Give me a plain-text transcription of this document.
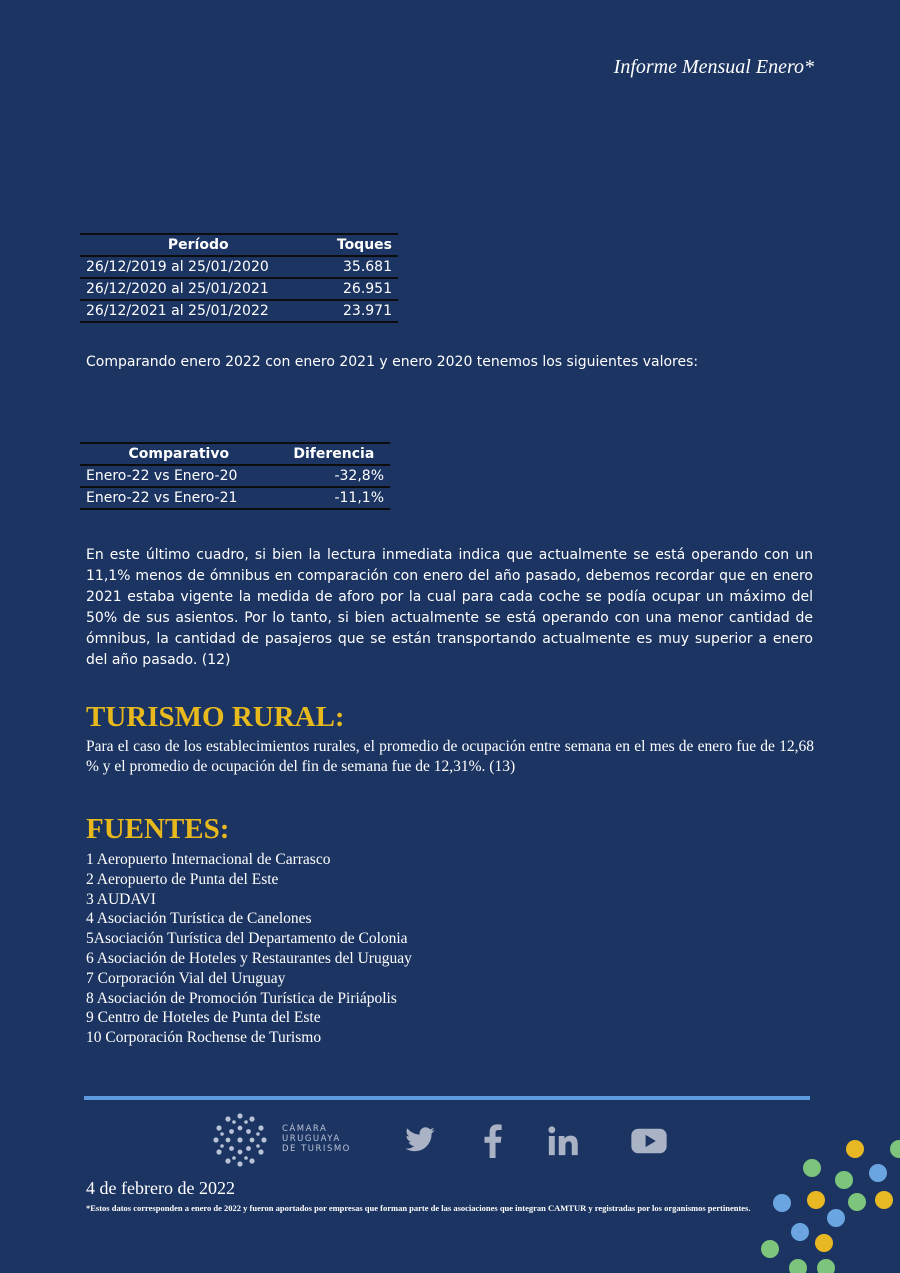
Informe Mensual Enero*
Período	Toques
26/12/2019 al 25/01/2020	35.681
26/12/2020 al 25/01/2021	26.951
26/12/2021 al 25/01/2022	23.971
Comparando enero 2022 con enero 2021 y enero 2020 tenemos los siguientes valores:
Comparativo	Diferencia
Enero-22 vs Enero-20	-32,8%
Enero-22 vs Enero-21	-11,1%
En este último cuadro, si bien la lectura inmediata indica que actualmente se está operando con un 11,1% menos de ómnibus en comparación con enero del año pasado, debemos recordar que en enero 2021 estaba vigente la medida de aforo por la cual para cada coche se podía ocupar un máximo del 50% de sus asientos. Por lo tanto, si bien actualmente se está operando con una menor cantidad de ómnibus, la cantidad de pasajeros que se están transportando actualmente es muy superior a enero del año pasado. (12)
TURISMO RURAL:
Para el caso de los establecimientos rurales, el promedio de ocupación entre semana en el mes de enero fue de 12,68 % y el promedio de ocupación del fin de semana fue de 12,31%. (13)
FUENTES:
1 Aeropuerto Internacional de Carrasco
2 Aeropuerto de Punta del Este
3 AUDAVI
4 Asociación Turística de Canelones
5Asociación Turística del Departamento de Colonia
6 Asociación de Hoteles y Restaurantes del Uruguay
7 Corporación Vial del Uruguay
8 Asociación de Promoción Turística de Piriápolis
9 Centro de Hoteles de Punta del Este
10 Corporación Rochense de Turismo
CÁMARA
URUGUAYA
DE TURISMO
4 de febrero de 2022
*Estos datos corresponden a enero de 2022 y fueron aportados por empresas que forman parte de las asociaciones que integran CAMTUR y registradas por los organismos pertinentes.
